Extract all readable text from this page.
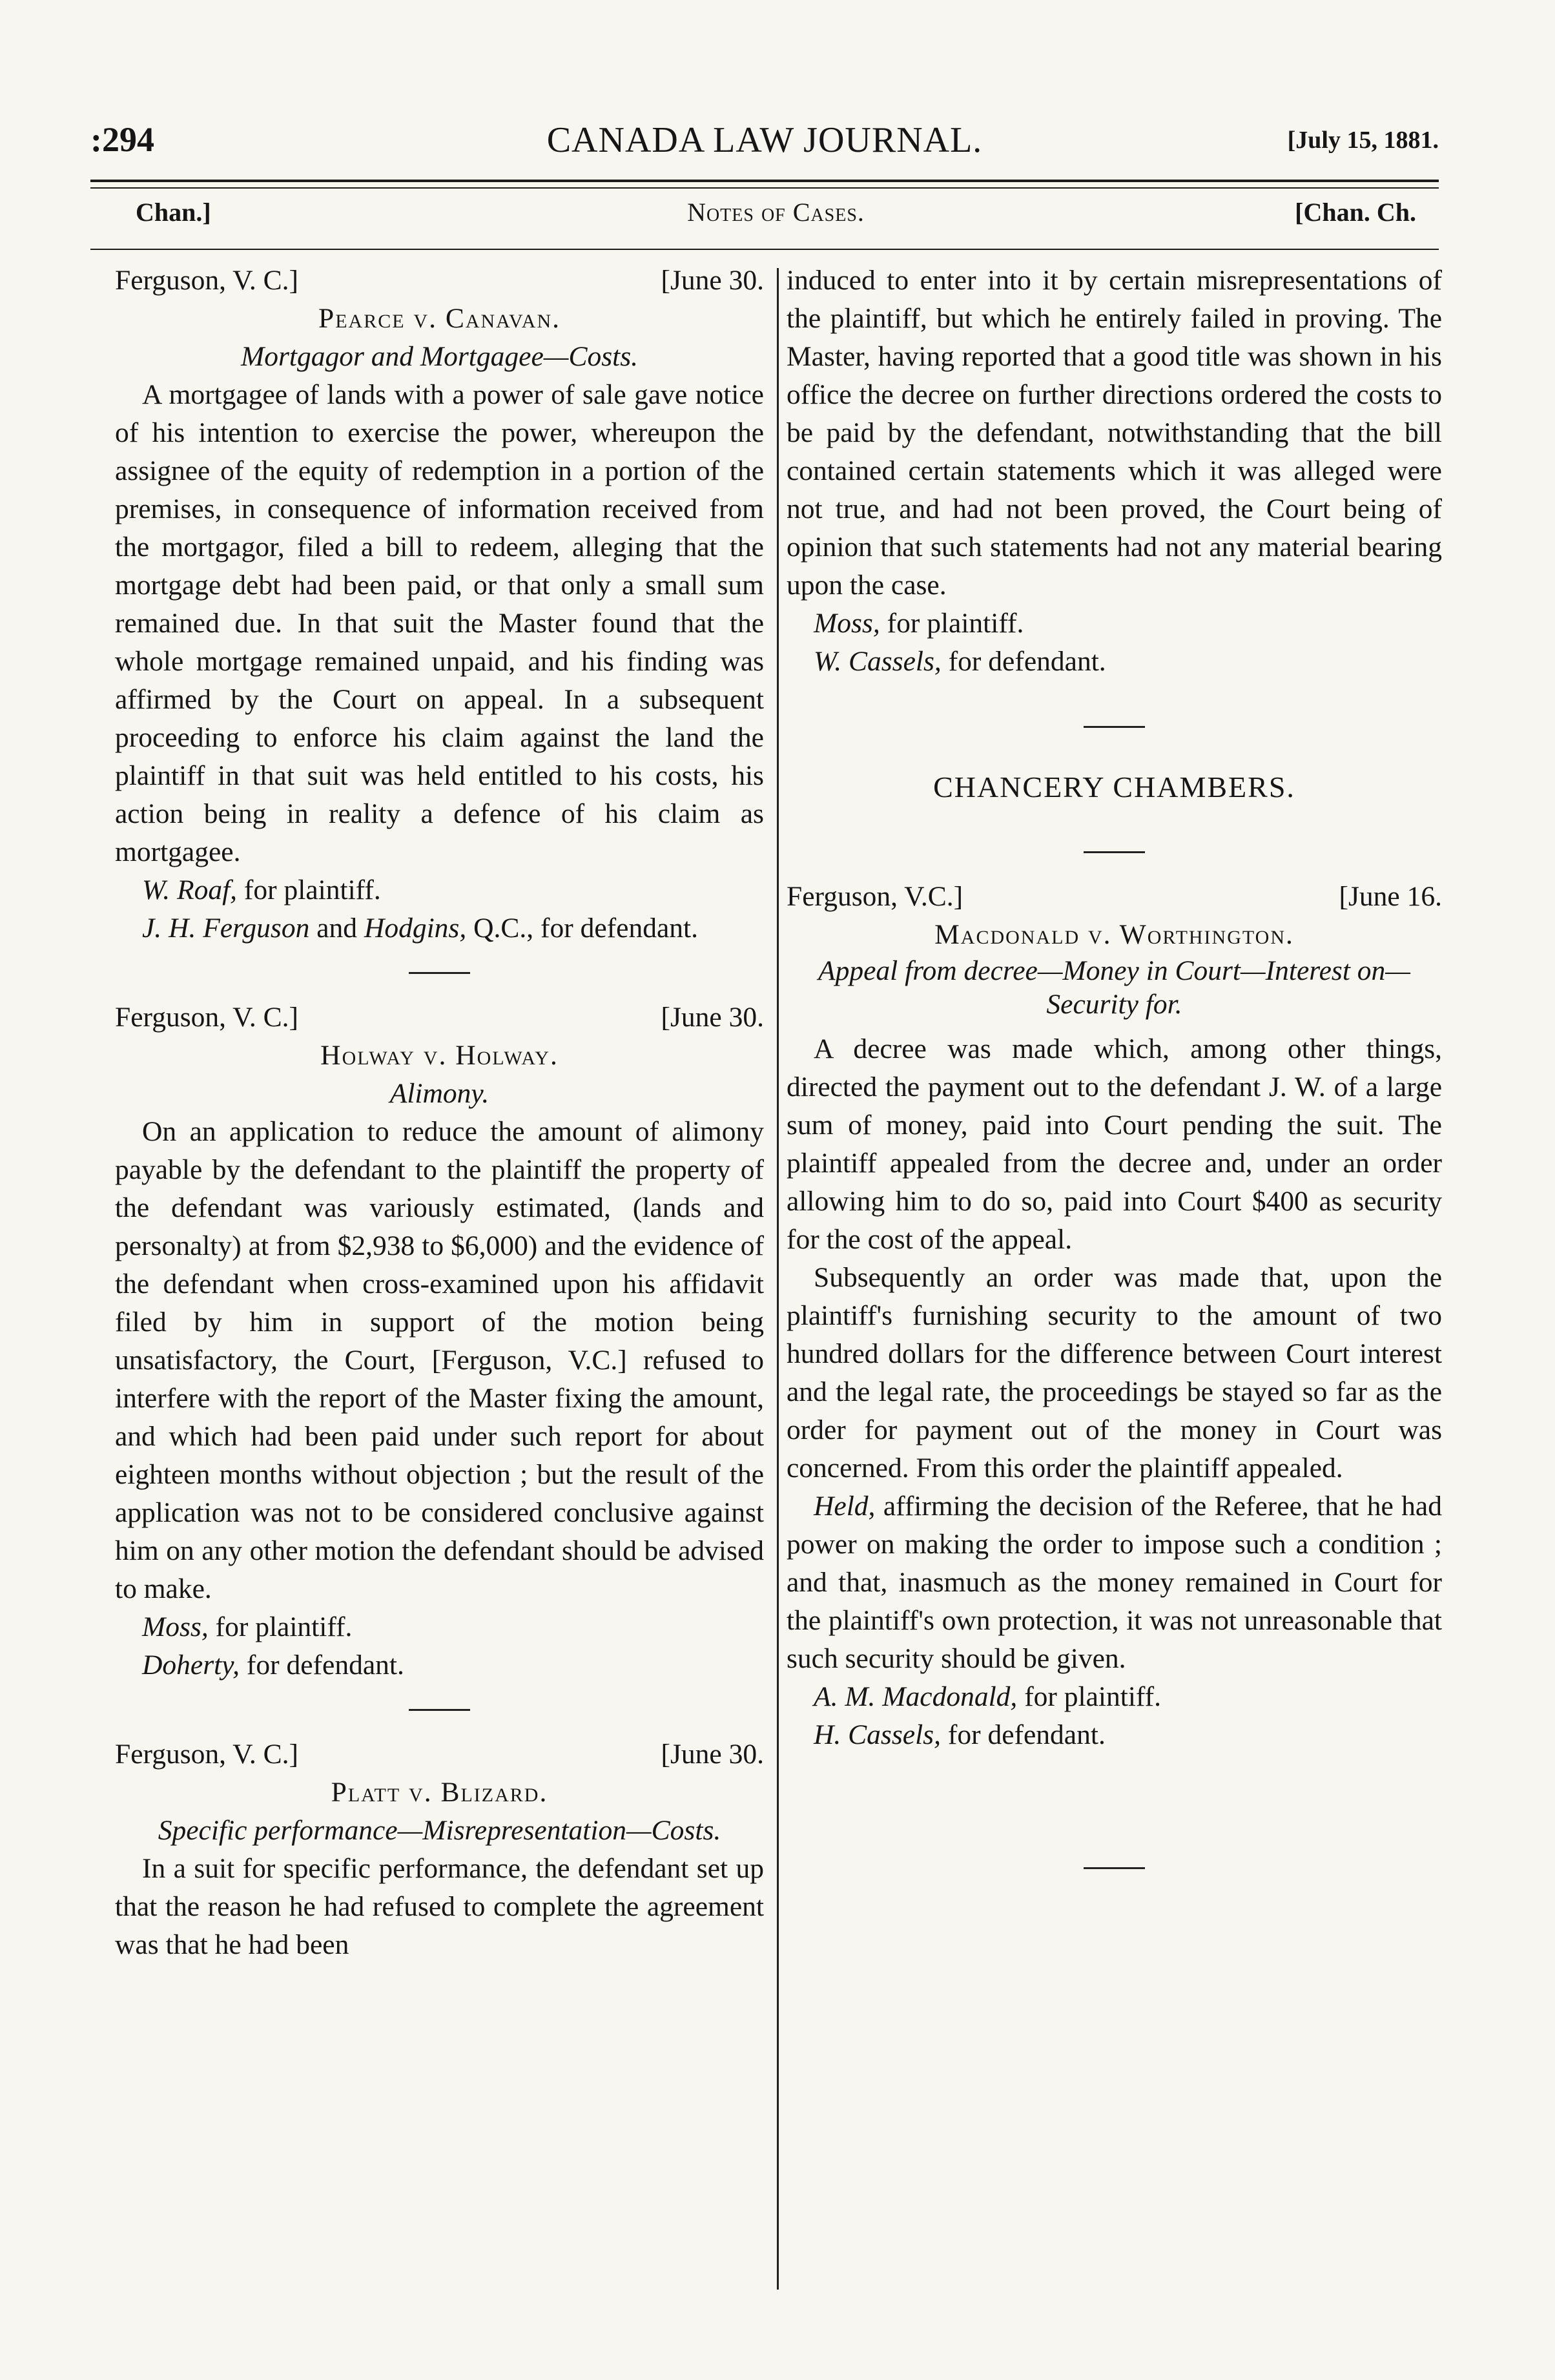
:294	CANADA LAW JOURNAL.	[July 15, 1881.
Chan.]	Notes of Cases.	[Chan. Ch.
Ferguson, V. C.]	[June 30.
Pearce v. Canavan.
Mortgagor and Mortgagee—Costs.

A mortgagee of lands with a power of sale gave notice of his intention to exercise the power, whereupon the assignee of the equity of redemption in a portion of the premises, in consequence of information received from the mortgagor, filed a bill to redeem, alleging that the mortgage debt had been paid, or that only a small sum remained due. In that suit the Master found that the whole mortgage remained unpaid, and his finding was affirmed by the Court on appeal. In a subsequent proceeding to enforce his claim against the land the plaintiff in that suit was held entitled to his costs, his action being in reality a defence of his claim as mortgagee.

W. Roaf, for plaintiff.
J. H. Ferguson and Hodgins, Q.C., for defendant.
Ferguson, V. C.]	[June 30.
Holway v. Holway.
Alimony.

On an application to reduce the amount of alimony payable by the defendant to the plaintiff the property of the defendant was variously estimated, (lands and personalty) at from $2,938 to $6,000) and the evidence of the defendant when cross-examined upon his affidavit filed by him in support of the motion being unsatisfactory, the Court, [Ferguson, V.C.] refused to interfere with the report of the Master fixing the amount, and which had been paid under such report for about eighteen months without objection ; but the result of the application was not to be considered conclusive against him on any other motion the defendant should be advised to make.

Moss, for plaintiff.
Doherty, for defendant.
Ferguson, V. C.]	[June 30.
Platt v. Blizard.
Specific performance—Misrepresentation—Costs.

In a suit for specific performance, the defendant set up that the reason he had refused to complete the agreement was that he had been

induced to enter into it by certain misrepresentations of the plaintiff, but which he entirely failed in proving. The Master, having reported that a good title was shown in his office the decree on further directions ordered the costs to be paid by the defendant, notwithstanding that the bill contained certain statements which it was alleged were not true, and had not been proved, the Court being of opinion that such statements had not any material bearing upon the case.

Moss, for plaintiff.
W. Cassels, for defendant.
CHANCERY CHAMBERS.
Ferguson, V.C.]	[June 16.
Macdonald v. Worthington.
Appeal from decree—Money in Court—Interest on—Security for.

A decree was made which, among other things, directed the payment out to the defendant J. W. of a large sum of money, paid into Court pending the suit. The plaintiff appealed from the decree and, under an order allowing him to do so, paid into Court $400 as security for the cost of the appeal.

Subsequently an order was made that, upon the plaintiff's furnishing security to the amount of two hundred dollars for the difference between Court interest and the legal rate, the proceedings be stayed so far as the order for payment out of the money in Court was concerned. From this order the plaintiff appealed.

Held, affirming the decision of the Referee, that he had power on making the order to impose such a condition ; and that, inasmuch as the money remained in Court for the plaintiff's own protection, it was not unreasonable that such security should be given.

A. M. Macdonald, for plaintiff.
H. Cassels, for defendant.
